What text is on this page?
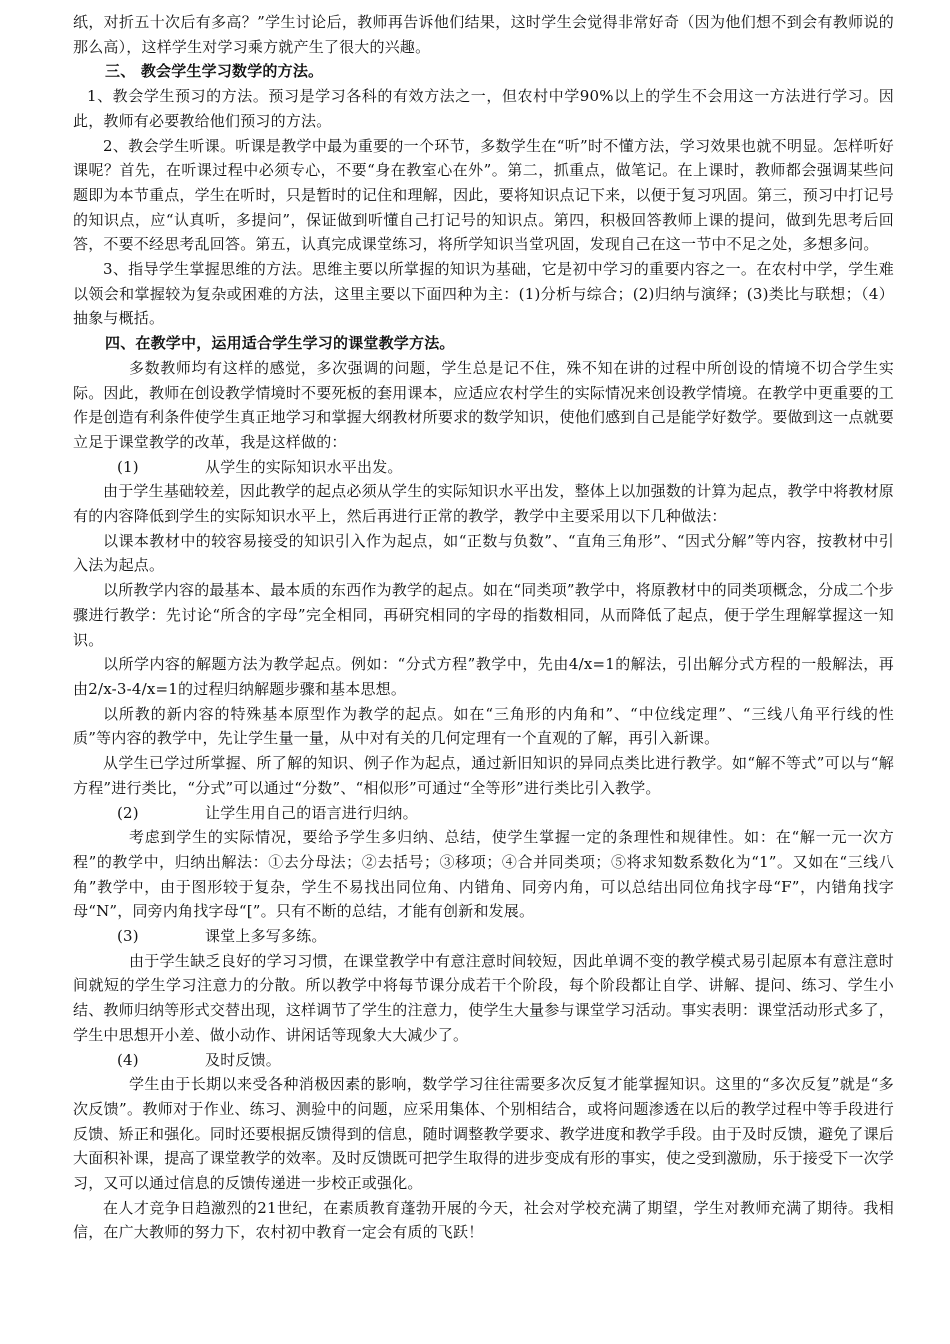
纸，对折五十次后有多高？”学生讨论后，教师再告诉他们结果，这时学生会觉得非常好奇（因为他们想不到会有教师说的那么高），这样学生对学习乘方就产生了很大的兴趣。

三、 教会学生学习数学的方法。

1、教会学生预习的方法。预习是学习各科的有效方法之一，但农村中学90%以上的学生不会用这一方法进行学习。因此，教师有必要教给他们预习的方法。

2、教会学生听课。听课是教学中最为重要的一个环节，多数学生在“听”时不懂方法，学习效果也就不明显。怎样听好课呢？首先，在听课过程中必须专心，不要“身在教室心在外”。第二，抓重点，做笔记。在上课时，教师都会强调某些问题即为本节重点，学生在听时，只是暂时的记住和理解，因此，要将知识点记下来，以便于复习巩固。第三，预习中打记号的知识点，应“认真听，多提问”，保证做到听懂自己打记号的知识点。第四，积极回答教师上课的提问，做到先思考后回答，不要不经思考乱回答。第五，认真完成课堂练习，将所学知识当堂巩固，发现自己在这一节中不足之处，多想多问。

3、指导学生掌握思维的方法。思维主要以所掌握的知识为基础，它是初中学习的重要内容之一。在农村中学，学生难以领会和掌握较为复杂或困难的方法，这里主要以下面四种为主：(1)分析与综合；(2)归纳与演绎；(3)类比与联想；（4）抽象与概括。

四、在教学中，运用适合学生学习的课堂教学方法。

多数教师均有这样的感觉，多次强调的问题，学生总是记不住，殊不知在讲的过程中所创设的情境不切合学生实际。因此，教师在创设教学情境时不要死板的套用课本，应适应农村学生的实际情况来创设教学情境。在教学中更重要的工作是创造有利条件使学生真正地学习和掌握大纲教材所要求的数学知识，使他们感到自己是能学好数学。要做到这一点就要立足于课堂教学的改革，我是这样做的：

(1)	从学生的实际知识水平出发。

由于学生基础较差，因此教学的起点必须从学生的实际知识水平出发，整体上以加强数的计算为起点，教学中将教材原有的内容降低到学生的实际知识水平上，然后再进行正常的教学，教学中主要采用以下几种做法：

以课本教材中的较容易接受的知识引入作为起点，如“正数与负数”、“直角三角形”、“因式分解”等内容，按教材中引入法为起点。

以所教学内容的最基本、最本质的东西作为教学的起点。如在“同类项”教学中，将原教材中的同类项概念，分成二个步骤进行教学：先讨论“所含的字母”完全相同，再研究相同的字母的指数相同，从而降低了起点，便于学生理解掌握这一知识。

以所学内容的解题方法为教学起点。例如：“分式方程”教学中，先由4/x=1的解法，引出解分式方程的一般解法，再由2/x-3-4/x=1的过程归纳解题步骤和基本思想。

以所教的新内容的特殊基本原型作为教学的起点。如在“三角形的内角和”、“中位线定理”、“三线八角平行线的性质”等内容的教学中，先让学生量一量，从中对有关的几何定理有一个直观的了解，再引入新课。

从学生已学过所掌握、所了解的知识、例子作为起点，通过新旧知识的异同点类比进行教学。如“解不等式”可以与“解方程”进行类比，“分式”可以通过“分数”、“相似形”可通过“全等形”进行类比引入教学。

(2)	让学生用自己的语言进行归纳。

考虑到学生的实际情况，要给予学生多归纳、总结，使学生掌握一定的条理性和规律性。如：在“解一元一次方程”的教学中，归纳出解法：①去分母法；②去括号；③移项；④合并同类项；⑤将求知数系数化为“1”。又如在“三线八角”教学中，由于图形较于复杂，学生不易找出同位角、内错角、同旁内角，可以总结出同位角找字母“F”，内错角找字母“N”，同旁内角找字母“[”。只有不断的总结，才能有创新和发展。

(3)	课堂上多写多练。

由于学生缺乏良好的学习习惯，在课堂教学中有意注意时间较短，因此单调不变的教学模式易引起原本有意注意时间就短的学生学习注意力的分散。所以教学中将每节课分成若干个阶段，每个阶段都让自学、讲解、提问、练习、学生小结、教师归纳等形式交替出现，这样调节了学生的注意力，使学生大量参与课堂学习活动。事实表明：课堂活动形式多了，学生中思想开小差、做小动作、讲闲话等现象大大减少了。

(4)	及时反馈。

学生由于长期以来受各种消极因素的影响，数学学习往往需要多次反复才能掌握知识。这里的“多次反复”就是“多次反馈”。教师对于作业、练习、测验中的问题，应采用集体、个别相结合，或将问题渗透在以后的教学过程中等手段进行反馈、矫正和强化。同时还要根据反馈得到的信息，随时调整教学要求、教学进度和教学手段。由于及时反馈，避免了课后大面积补课，提高了课堂教学的效率。及时反馈既可把学生取得的进步变成有形的事实，使之受到激励，乐于接受下一次学习，又可以通过信息的反馈传递进一步校正或强化。

在人才竞争日趋激烈的21世纪，在素质教育蓬勃开展的今天，社会对学校充满了期望，学生对教师充满了期待。我相信，在广大教师的努力下，农村初中教育一定会有质的飞跃！
